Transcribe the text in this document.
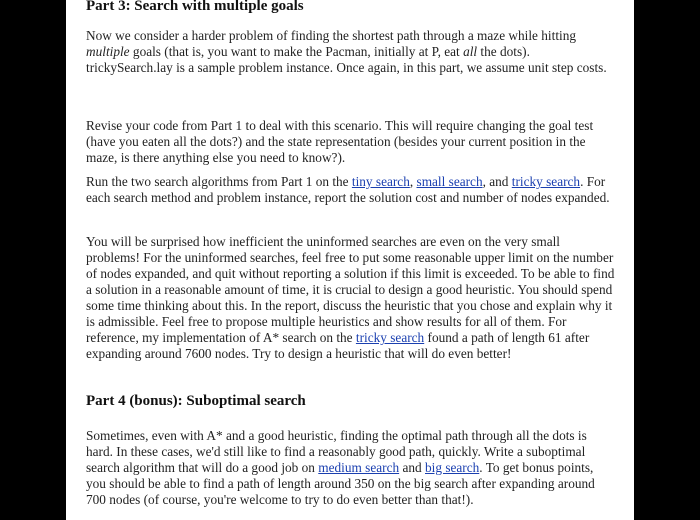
Part 3: Search with multiple goals

Now we consider a harder problem of finding the shortest path through a maze while hitting multiple goals (that is, you want to make the Pacman, initially at P, eat all the dots). trickySearch.lay is a sample problem instance. Once again, in this part, we assume unit step costs.

Revise your code from Part 1 to deal with this scenario. This will require changing the goal test (have you eaten all the dots?) and the state representation (besides your current position in the maze, is there anything else you need to know?).

Run the two search algorithms from Part 1 on the tiny search, small search, and tricky search. For each search method and problem instance, report the solution cost and number of nodes expanded.

You will be surprised how inefficient the uninformed searches are even on the very small problems! For the uninformed searches, feel free to put some reasonable upper limit on the number of nodes expanded, and quit without reporting a solution if this limit is exceeded. To be able to find a solution in a reasonable amount of time, it is crucial to design a good heuristic. You should spend some time thinking about this. In the report, discuss the heuristic that you chose and explain why it is admissible. Feel free to propose multiple heuristics and show results for all of them. For reference, my implementation of A* search on the tricky search found a path of length 61 after expanding around 7600 nodes. Try to design a heuristic that will do even better!

Part 4 (bonus): Suboptimal search

Sometimes, even with A* and a good heuristic, finding the optimal path through all the dots is hard. In these cases, we'd still like to find a reasonably good path, quickly. Write a suboptimal search algorithm that will do a good job on medium search and big search. To get bonus points, you should be able to find a path of length around 350 on the big search after expanding around 700 nodes (of course, you're welcome to try to do even better than that!).
